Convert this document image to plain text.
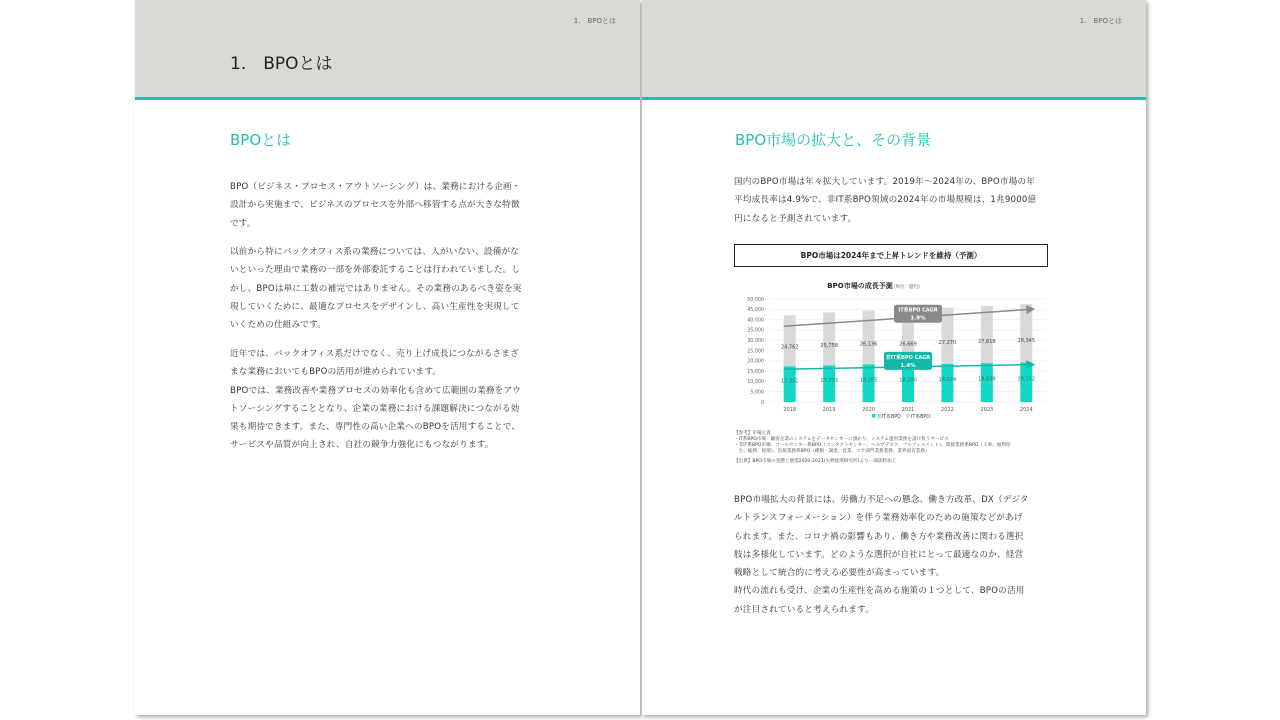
1.　BPOとは
1.　BPOとは
BPOとは
BPO（ビジネス・プロセス・アウトソーシング）は、業務における企画・
設計から実施まで、ビジネスのプロセスを外部へ移管する点が大きな特徴
です。
以前から特にバックオフィス系の業務については、人がいない、設備がな
いといった理由で業務の一部を外部委託することは行われていました。し
かし、BPOは単に工数の補完ではありません。その業務のあるべき姿を実
現していくために、最適なプロセスをデザインし、高い生産性を実現して
いくための仕組みです。
近年では、バックオフィス系だけでなく、売り上げ成長につながるさまざ
まな業務においてもBPOの活用が進められています。
BPOでは、業務改善や業務プロセスの効率化も含めて広範囲の業務をアウ
トソーシングすることとなり、企業の業務における課題解決につながる効
果も期待できます。また、専門性の高い企業へのBPOを活用することで、
サービスや品質が向上され、自社の競争力強化にもつながります。
1.　BPOとは
BPO市場の拡大と、その背景
国内のBPO市場は年々拡大しています。2019年～2024年の、BPO市場の年
平均成長率は4.9%で、非IT系BPO領域の2024年の市場規模は、1兆9000億
円になると予測されています。
BPO市場は2024年まで上昇トレンドを維持（予測）
BPO市場の成長予測
（単位：億円）
50,000
45,000
40,000
35,000
30,000
25,000
20,000
15,000
10,000
5,000
0
24,762
17,351
25,758
17,733
26,136
18,255
26,669
18,200
27,270
18,524
27,818
18,838
28,345
19,152
2018	2019	2020	2021	2022	2023	2024
IT系BPO CAGR
1.9%
非IT系BPO CAGR
1.4%
非IT系BPO IT系BPO
【参考】市場定義
・IT系BPO市場：顧客企業のシステムをデータセンターに預かり、システム運用業務を請け負うサービス
・非IT系BPO市場：コールセンター系BPO（コンタクトセンター、ヘルプデスク、フルフィルメント）、間接業務系BPO（人事、福利厚
　生、総務、経理）、直接業務系BPO（種類・調達、営業、コア部門業務業務、業界固有業務）
【出典】BPO市場の実態と展望2020-2021(矢野経済研究所)より一部抜粋加工
BPO市場拡大の背景には、労働力不足への懸念、働き方改革、DX（デジタ
ルトランスフォーメーション）を伴う業務効率化のための施策などがあげ
られます。また、コロナ禍の影響もあり、働き方や業務改善に関わる選択
肢は多様化しています。どのような選択が自社にとって最適なのか、経営
戦略として統合的に考える必要性が高まっています。
時代の流れも受け、企業の生産性を高める施策の１つとして、BPOの活用
が注目されていると考えられます。
